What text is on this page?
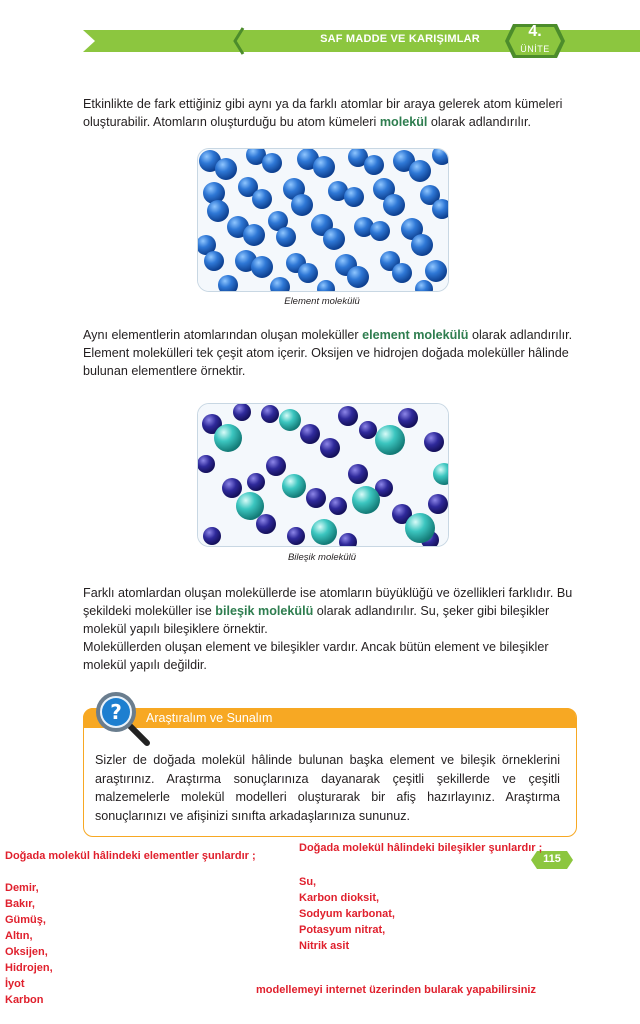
SAF MADDE VE KARIŞIMLAR	4.
ÜNİTE
Etkinlikte de fark ettiğiniz gibi aynı ya da farklı atomlar bir araya gelerek atom kümeleri oluşturabilir. Atomların oluşturduğu bu atom kümeleri molekül olarak adlandırılır.
Element molekülü
Aynı elementlerin atomlarından oluşan moleküller element molekülü olarak adlandırılır. Element molekülleri tek çeşit atom içerir. Oksijen ve hidrojen doğada moleküller hâlinde bulunan elementlere örnektir.
Bileşik molekülü
Farklı atomlardan oluşan moleküllerde ise atomların büyüklüğü ve özellikleri farklıdır. Bu şekildeki moleküller ise bileşik molekülü olarak adlandırılır. Su, şeker gibi bileşikler molekül yapılı bileşiklere örnektir.
Moleküllerden oluşan element ve bileşikler vardır. Ancak bütün element ve bileşikler molekül yapılı değildir.
? Araştıralım ve Sunalım
Sizler de doğada molekül hâlinde bulunan başka element ve bileşik örneklerini araştırınız. Araştırma sonuçlarınıza dayanarak çeşitli şekillerde ve çeşitli malzemelerle molekül modelleri oluşturarak bir afiş hazırlayınız. Araştırma sonuçlarınızı ve afişinizi sınıfta arkadaşlarınıza sununuz.
115
Doğada molekül hâlindeki elementler şunlardır ;
Demir,
Bakır,
Gümüş,
Altın,
Oksijen,
Hidrojen,
İyot
Karbon
Doğada molekül hâlindeki bileşikler şunlardır ;
Su,
Karbon dioksit,
Sodyum karbonat,
Potasyum nitrat,
Nitrik asit
modellemeyi internet üzerinden bularak yapabilirsiniz
